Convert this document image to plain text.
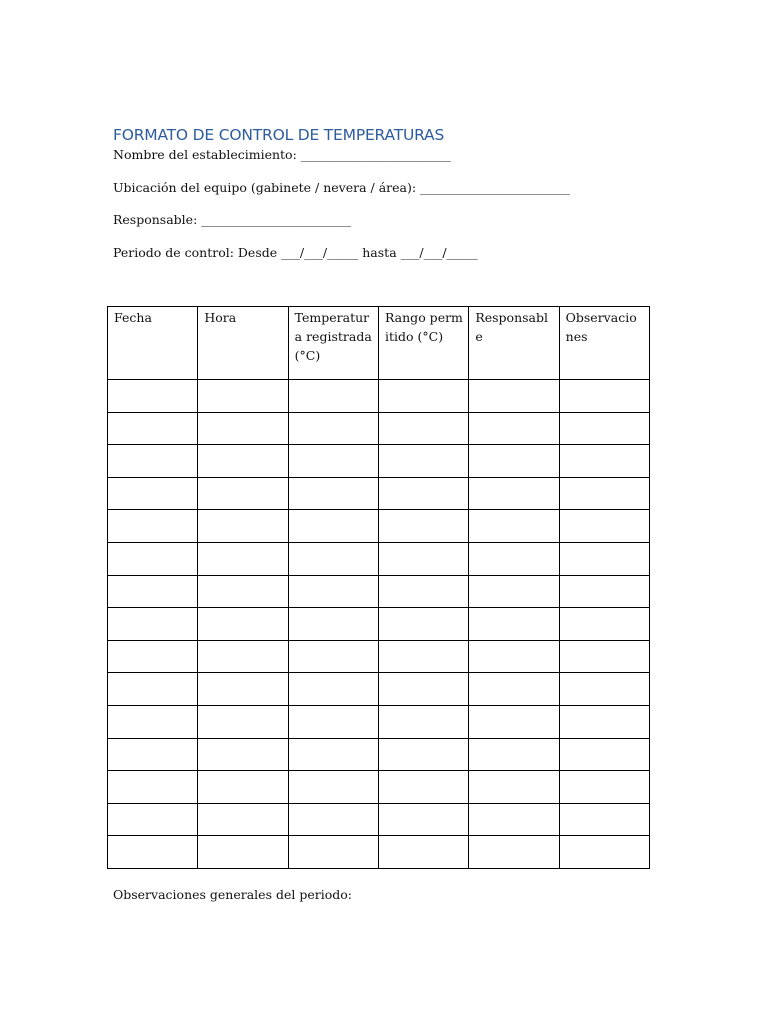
FORMATO DE CONTROL DE TEMPERATURAS

Nombre del establecimiento: ________________________

Ubicación del equipo (gabinete / nevera / área): ________________________

Responsable: ________________________

Periodo de control: Desde ___/___/_____ hasta ___/___/_____

Fecha	Hora	Temperatura registrada (°C)	Rango permitido (°C)	Responsable	Observaciones

Observaciones generales del periodo:
